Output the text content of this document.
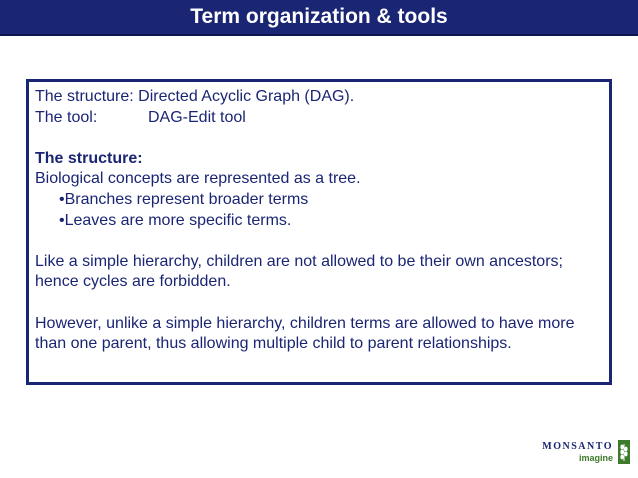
Term organization & tools
The structure: Directed Acyclic Graph (DAG).
The tool:	DAG-Edit tool
The structure:
Biological concepts are represented as a tree.
•Branches represent broader terms
•Leaves are more specific terms.
Like a simple hierarchy, children are not allowed to be their own ancestors; hence cycles are forbidden.
However, unlike a simple hierarchy, children terms are allowed to have more than one parent, thus allowing multiple child to parent relationships.
MONSANTO
imagine
